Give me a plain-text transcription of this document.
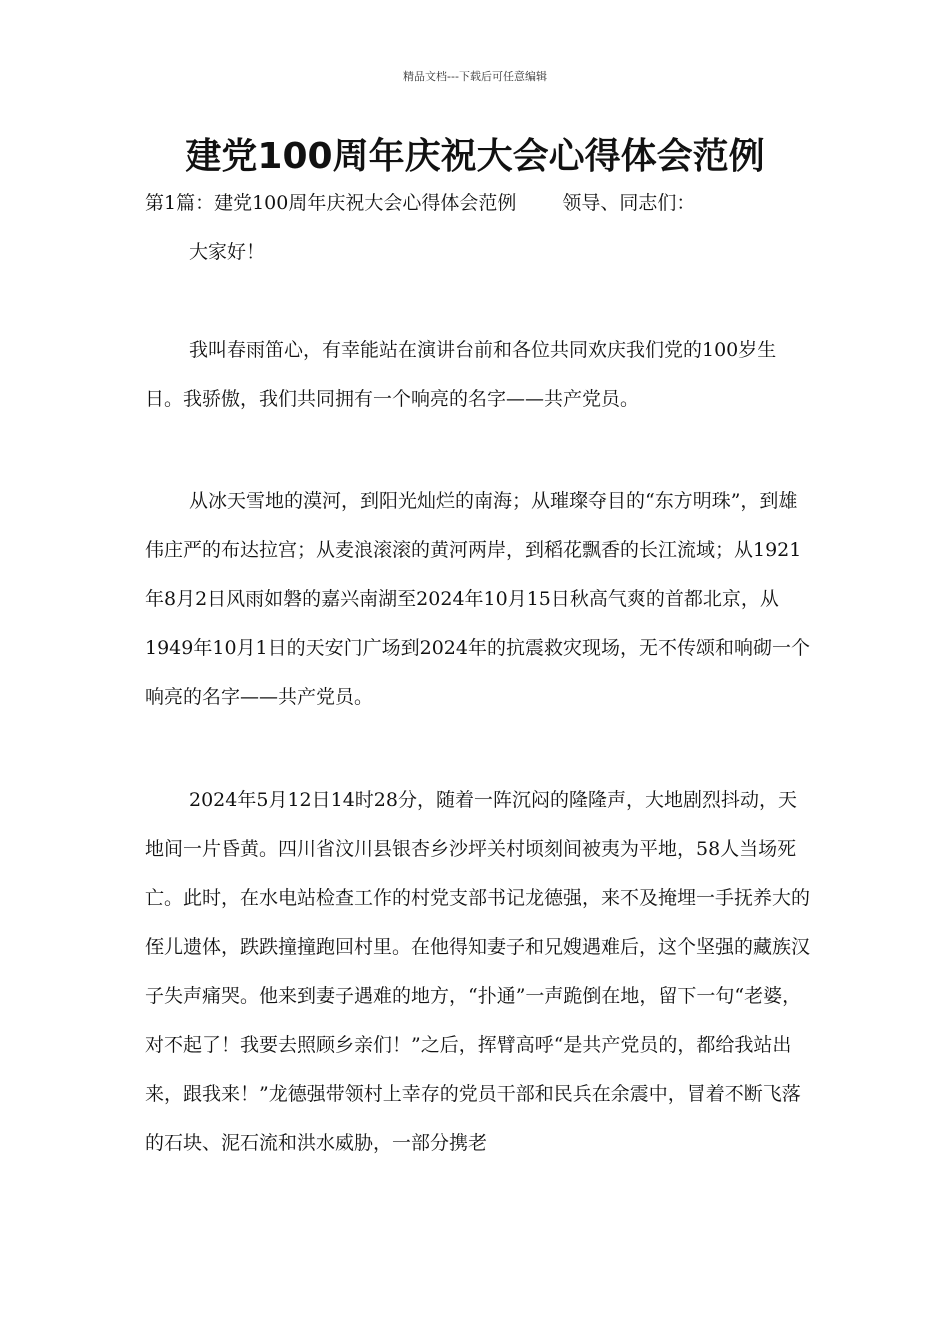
精品文档---下载后可任意编辑
建党100周年庆祝大会心得体会范例
第1篇：建党100周年庆祝大会心得体会范例 领导、同志们：

大家好！

我叫春雨笛心，有幸能站在演讲台前和各位共同欢庆我们党的100岁生日。我骄傲，我们共同拥有一个响亮的名字——共产党员。

从冰天雪地的漠河，到阳光灿烂的南海；从璀璨夺目的“东方明珠”，到雄伟庄严的布达拉宫；从麦浪滚滚的黄河两岸，到稻花飘香的长江流域；从1921年8月2日风雨如磐的嘉兴南湖至2024年10月15日秋高气爽的首都北京，从1949年10月1日的天安门广场到2024年的抗震救灾现场，无不传颂和响砌一个响亮的名字——共产党员。

2024年5月12日14时28分，随着一阵沉闷的隆隆声，大地剧烈抖动，天地间一片昏黄。四川省汶川县银杏乡沙坪关村顷刻间被夷为平地，58人当场死亡。此时，在水电站检查工作的村党支部书记龙德强，来不及掩埋一手抚养大的侄儿遗体，跌跌撞撞跑回村里。在他得知妻子和兄嫂遇难后，这个坚强的藏族汉子失声痛哭。他来到妻子遇难的地方，“扑通”一声跪倒在地，留下一句“老婆，对不起了！我要去照顾乡亲们！”之后，挥臂高呼“是共产党员的，都给我站出来，跟我来！”龙德强带领村上幸存的党员干部和民兵在余震中，冒着不断飞落的石块、泥石流和洪水威胁，一部分携老
